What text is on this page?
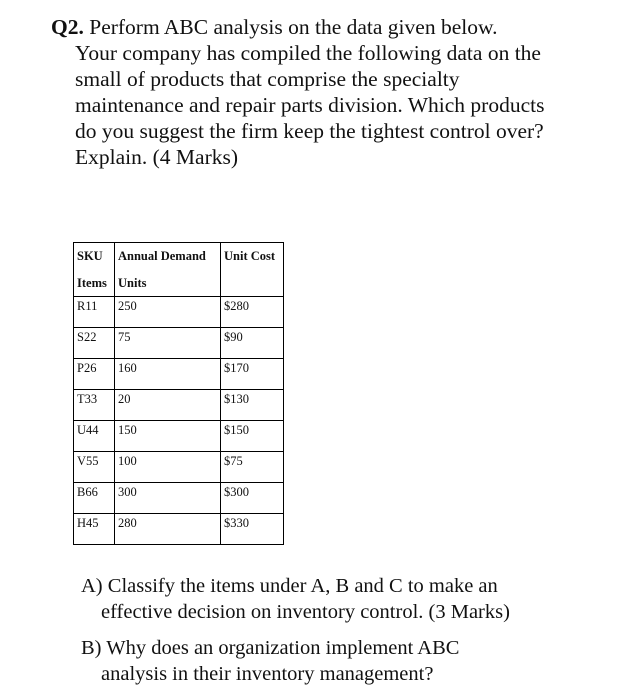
Q2. Perform ABC analysis on the data given below.
Your company has compiled the following data on the
small of products that comprise the specialty
maintenance and repair parts division. Which products
do you suggest the firm keep the tightest control over?
Explain. (4 Marks)
SKU	Annual Demand	Unit Cost
Items	Units	
R11	250	$280
S22	75	$90
P26	160	$170
T33	20	$130
U44	150	$150
V55	100	$75
B66	300	$300
H45	280	$330
A) Classify the items under A, B and C to make an
effective decision on inventory control. (3 Marks)
B) Why does an organization implement ABC
analysis in their inventory management?
